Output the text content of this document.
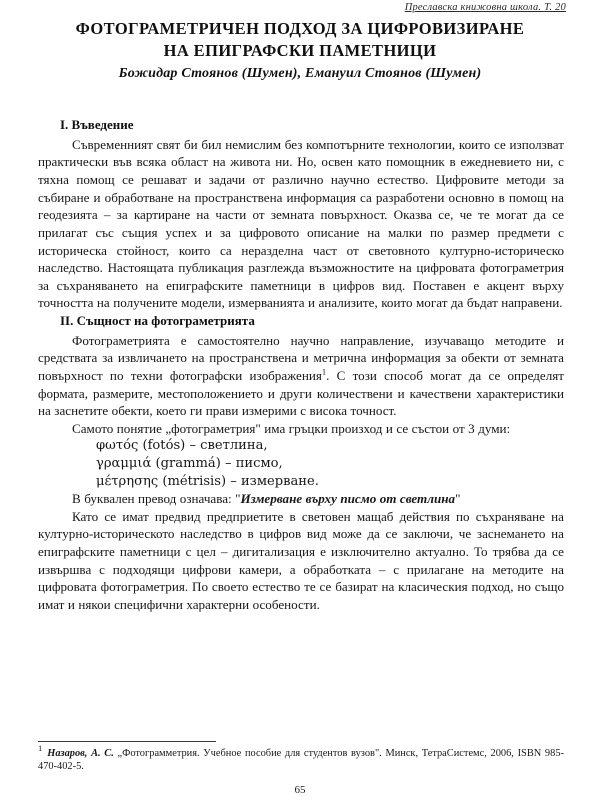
Преславска книжовна школа. Т. 20
ФОТОГРАМЕТРИЧЕН ПОДХОД ЗА ЦИФРОВИЗИРАНЕ
НА ЕПИГРАФСКИ ПАМЕТНИЦИ
Божидар Стоянов (Шумен), Емануил Стоянов (Шумен)
I. Въведение

Съвременният свят би бил немислим без компотърните технологии, които се използват практически във всяка област на живота ни. Но, освен като помощник в ежедневието ни, с тяхна помощ се решават и задачи от различно научно естество. Цифровите методи за събиране и обработване на пространствена информация са разработени основно в помощ на геодезията – за картиране на части от земната повърхност. Оказва се, че те могат да се прилагат със същия успех и за цифровото описание на малки по размер предмети с историческа стойност, които са неразделна част от световното културно-историческо наследство. Настоящата публикация разглежда възможностите на цифровата фотограметрия за съхраняването на епиграфските паметници в цифров вид. Поставен е акцент върху точността на получените модели, измерванията и анализите, които могат да бъдат направени.

II. Същност на фотограметрията

Фотограметрията е самостоятелно научно направление, изучаващо методите и средствата за извличането на пространствена и метрична информация за обекти от земната повърхност по техни фотографски изображения$^1$. С този способ могат да се определят формата, размерите, местоположението и други количествени и качествени характеристики на заснетите обекти, което ги прави измерими с висока точност.

Самото понятие „фотограметрия" има гръцки произход и се състои от 3 думи:

φωτός (fotós) – светлина,
γραμμιά (grammá) – писмо,
μέτρησης (métrisis) – измерване.

В буквален превод означава: "Измерване върху писмо от светлина"

Като се имат предвид предприетите в световен мащаб действия по съхраняване на културно-историческото наследство в цифров вид може да се заключи, че заснемането на епиграфските паметници с цел – дигитализация е изключително актуално. То трябва да се извършва с подходящи цифрови камери, а обработката – с прилагане на методите на цифровата фотограметрия. По своето естество те се базират на класическия подход, но също имат и някои специфични характерни особености.

$^1$ Назаров, А. С. „Фотограмметрия. Учебное пособие для студентов вузов". Минск, ТетраСистемс, 2006, ISBN 985-470-402-5.
65
